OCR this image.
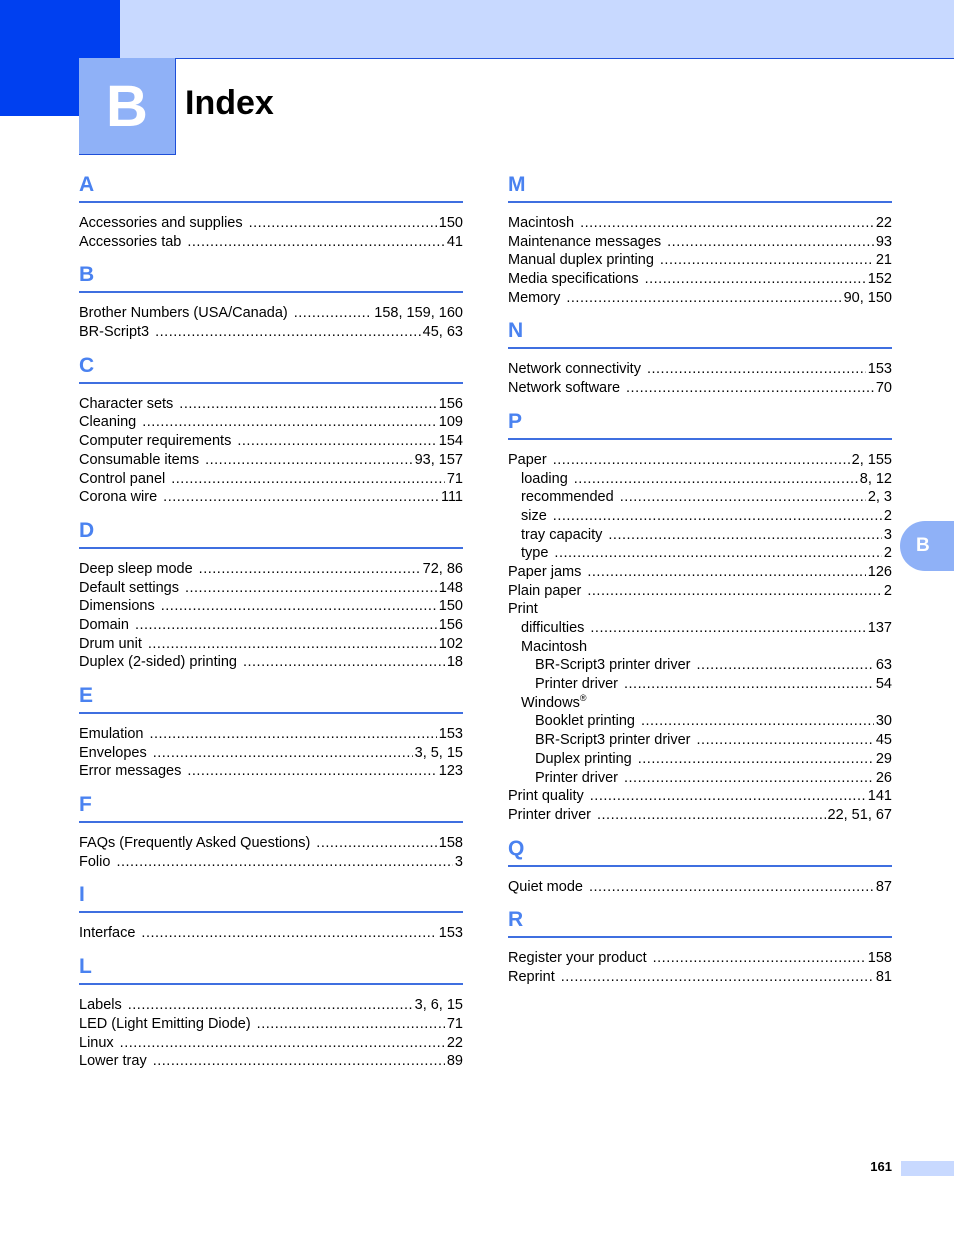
B	Index
A
Accessories and supplies .....	150
Accessories tab .....	41
B
Brother Numbers (USA/Canada) .....	158, 159, 160
BR-Script3 .....	45, 63
C
Character sets .....	156
Cleaning .....	109
Computer requirements .....	154
Consumable items .....	93, 157
Control panel .....	71
Corona wire .....	111
D
Deep sleep mode .....	72, 86
Default settings .....	148
Dimensions .....	150
Domain .....	156
Drum unit .....	102
Duplex (2-sided) printing .....	18
E
Emulation .....	153
Envelopes .....	3, 5, 15
Error messages .....	123
F
FAQs (Frequently Asked Questions) .....	158
Folio .....	3
I
Interface .....	153
L
Labels .....	3, 6, 15
LED (Light Emitting Diode) .....	71
Linux .....	22
Lower tray .....	89
M
Macintosh .....	22
Maintenance messages .....	93
Manual duplex printing .....	21
Media specifications .....	152
Memory .....	90, 150
N
Network connectivity .....	153
Network software .....	70
P
Paper .....	2, 155
loading .....	8, 12
recommended .....	2, 3
size .....	2
tray capacity .....	3
type .....	2
Paper jams .....	126
Plain paper .....	2
Print
difficulties .....	137
Macintosh
BR-Script3 printer driver .....	63
Printer driver .....	54
Windows®
Booklet printing .....	30
BR-Script3 printer driver .....	45
Duplex printing .....	29
Printer driver .....	26
Print quality .....	141
Printer driver .....	22, 51, 67
Q
Quiet mode .....	87
R
Register your product .....	158
Reprint .....	81
B
161
